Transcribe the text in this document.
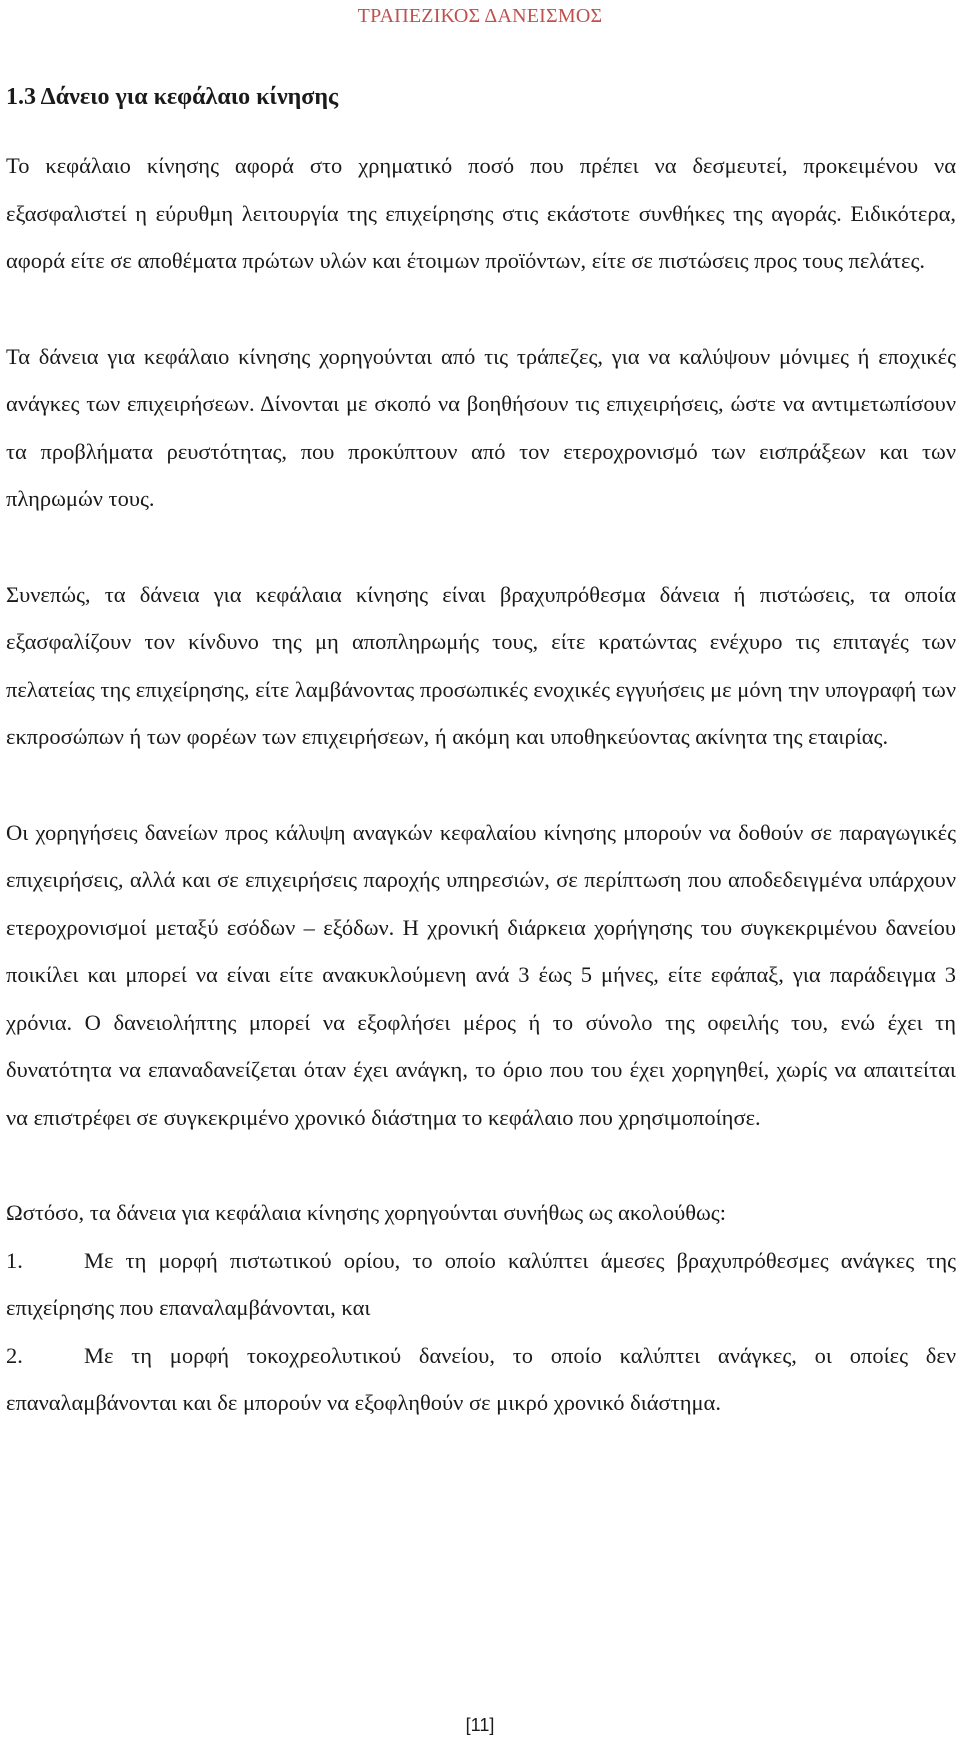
ΤΡΑΠΕΖΙΚΟΣ ΔΑΝΕΙΣΜΟΣ
1.3 Δάνειο για κεφάλαιο κίνησης

Το κεφάλαιο κίνησης αφορά στο χρηματικό ποσό που πρέπει να δεσμευτεί, προκειμένου να εξασφαλιστεί η εύρυθμη λειτουργία της επιχείρησης στις εκάστοτε συνθήκες της αγοράς. Ειδικότερα, αφορά είτε σε αποθέματα πρώτων υλών και έτοιμων προϊόντων, είτε σε πιστώσεις προς τους πελάτες.

Τα δάνεια για κεφάλαιο κίνησης χορηγούνται από τις τράπεζες, για να καλύψουν μόνιμες ή εποχικές ανάγκες των επιχειρήσεων. Δίνονται με σκοπό να βοηθήσουν τις επιχειρήσεις, ώστε να αντιμετωπίσουν τα προβλήματα ρευστότητας, που προκύπτουν από τον ετεροχρονισμό των εισπράξεων και των πληρωμών τους.

Συνεπώς, τα δάνεια για κεφάλαια κίνησης είναι βραχυπρόθεσμα δάνεια ή πιστώσεις, τα οποία εξασφαλίζουν τον κίνδυνο της μη αποπληρωμής τους, είτε κρατώντας ενέχυρο τις επιταγές των πελατείας της επιχείρησης, είτε λαμβάνοντας προσωπικές ενοχικές εγγυήσεις με μόνη την υπογραφή των εκπροσώπων ή των φορέων των επιχειρήσεων, ή ακόμη και υποθηκεύοντας ακίνητα της εταιρίας.

Οι χορηγήσεις δανείων προς κάλυψη αναγκών κεφαλαίου κίνησης μπορούν να δοθούν σε παραγωγικές επιχειρήσεις, αλλά και σε επιχειρήσεις παροχής υπηρεσιών, σε περίπτωση που αποδεδειγμένα υπάρχουν ετεροχρονισμοί μεταξύ εσόδων – εξόδων. Η χρονική διάρκεια χορήγησης του συγκεκριμένου δανείου ποικίλει και μπορεί να είναι είτε ανακυκλούμενη ανά 3 έως 5 μήνες, είτε εφάπαξ, για παράδειγμα 3 χρόνια. Ο δανειολήπτης μπορεί να εξοφλήσει μέρος ή το σύνολο της οφειλής του, ενώ έχει τη δυνατότητα να επαναδανείζεται όταν έχει ανάγκη, το όριο που του έχει χορηγηθεί, χωρίς να απαιτείται να επιστρέφει σε συγκεκριμένο χρονικό διάστημα το κεφάλαιο που χρησιμοποίησε.

Ωστόσο, τα δάνεια για κεφάλαια κίνησης χορηγούνται συνήθως ως ακολούθως:

1.	Με τη μορφή πιστωτικού ορίου, το οποίο καλύπτει άμεσες βραχυπρόθεσμες ανάγκες της επιχείρησης που επαναλαμβάνονται, και

2.	Με τη μορφή τοκοχρεολυτικού δανείου, το οποίο καλύπτει ανάγκες, οι οποίες δεν επαναλαμβάνονται και δε μπορούν να εξοφληθούν σε μικρό χρονικό διάστημα.

[11]
